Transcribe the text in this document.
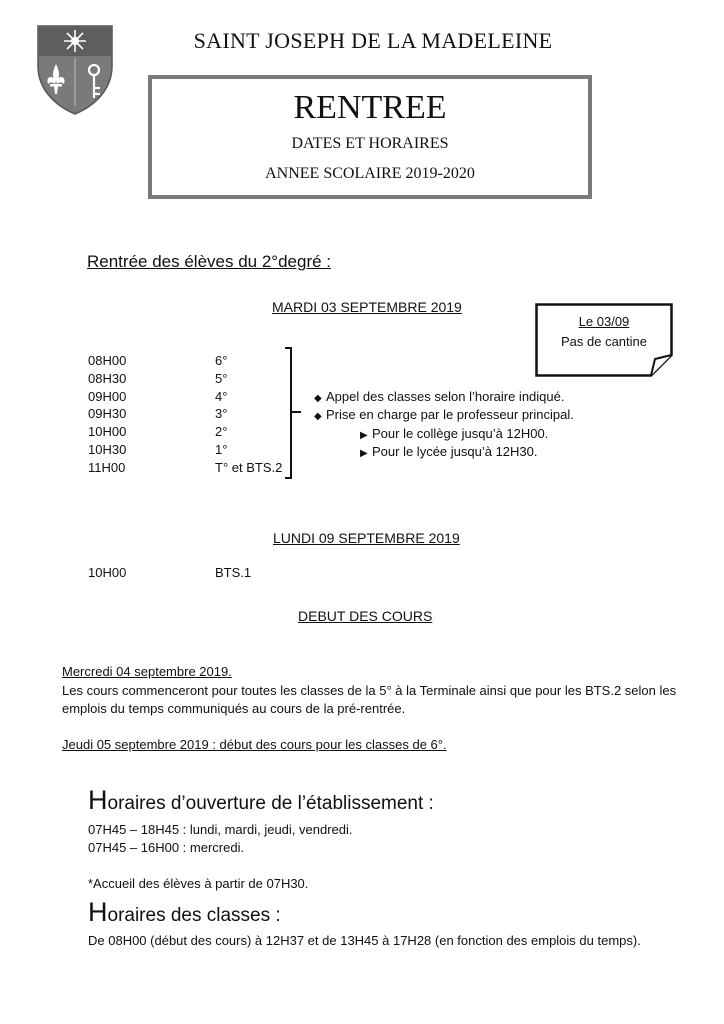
SAINT JOSEPH DE LA MADELEINE
RENTREE
DATES ET HORAIRES
ANNEE SCOLAIRE 2019-2020
Rentrée des élèves du 2°degré :
MARDI 03 SEPTEMBRE 2019
Le 03/09
Pas de cantine
08H00	6°
08H30	5°
09H00	4°
09H30	3°
10H00	2°
10H30	1°
11H00	T° et BTS.2
◆ Appel des classes selon l’horaire indiqué.
◆ Prise en charge par le professeur principal.
▶ Pour le collège jusqu’à 12H00.
▶ Pour le lycée jusqu’à 12H30.
LUNDI 09 SEPTEMBRE 2019
10H00	BTS.1
DEBUT DES COURS
Mercredi 04 septembre 2019.
Les cours commenceront pour toutes les classes de la 5° à la Terminale ainsi que pour les BTS.2 selon les emplois du temps communiqués au cours de la pré-rentrée.
Jeudi 05 septembre 2019 : début des cours pour les classes de 6°.
Horaires d’ouverture de l’établissement :
07H45 – 18H45 : lundi, mardi, jeudi, vendredi.
07H45 – 16H00 : mercredi.
*Accueil des élèves à partir de 07H30.
Horaires des classes :
De 08H00 (début des cours) à 12H37 et de 13H45 à 17H28 (en fonction des emplois du temps).
